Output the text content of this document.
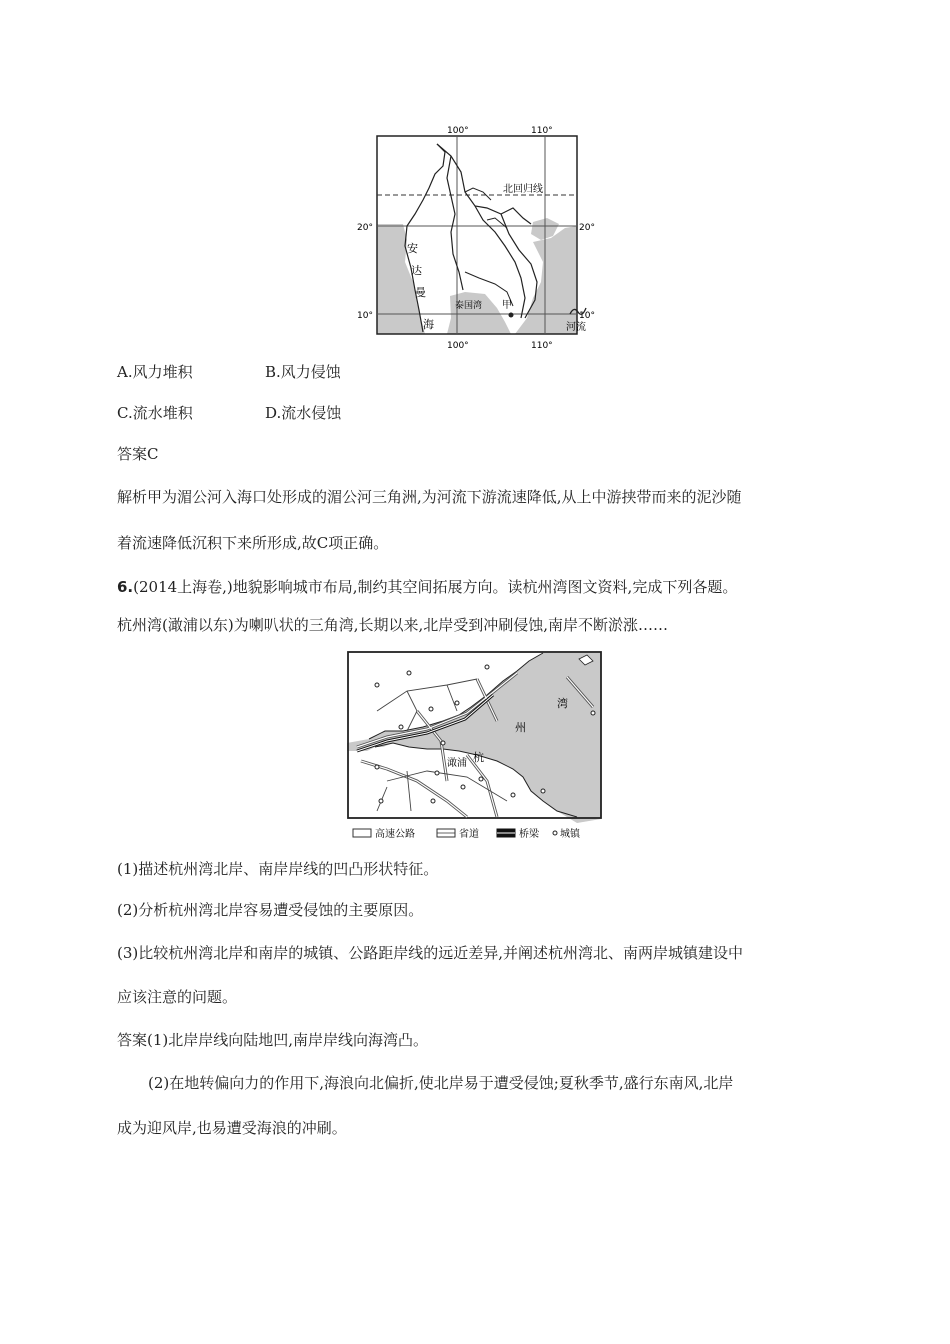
100°	110°
100°	110°
20°
10°
20°
10°
北回归线
安
达
曼
海
泰国湾 甲
河流
A.风力堆积	B.风力侵蚀
C.流水堆积	D.流水侵蚀
答案C
解析甲为湄公河入海口处形成的湄公河三角洲,为河流下游流速降低,从上中游挟带而来的泥沙随
着流速降低沉积下来所形成,故C项正确。
6.(2014上海卷,)地貌影响城市布局,制约其空间拓展方向。读杭州湾图文资料,完成下列各题。
杭州湾(澉浦以东)为喇叭状的三角湾,长期以来,北岸受到冲刷侵蚀,南岸不断淤涨……
杭
州
湾
澉浦
高速公路	省道	桥梁 城镇
(1)描述杭州湾北岸、南岸岸线的凹凸形状特征。
(2)分析杭州湾北岸容易遭受侵蚀的主要原因。
(3)比较杭州湾北岸和南岸的城镇、公路距岸线的远近差异,并阐述杭州湾北、南两岸城镇建设中
应该注意的问题。
答案(1)北岸岸线向陆地凹,南岸岸线向海湾凸。
(2)在地转偏向力的作用下,海浪向北偏折,使北岸易于遭受侵蚀;夏秋季节,盛行东南风,北岸
成为迎风岸,也易遭受海浪的冲刷。
